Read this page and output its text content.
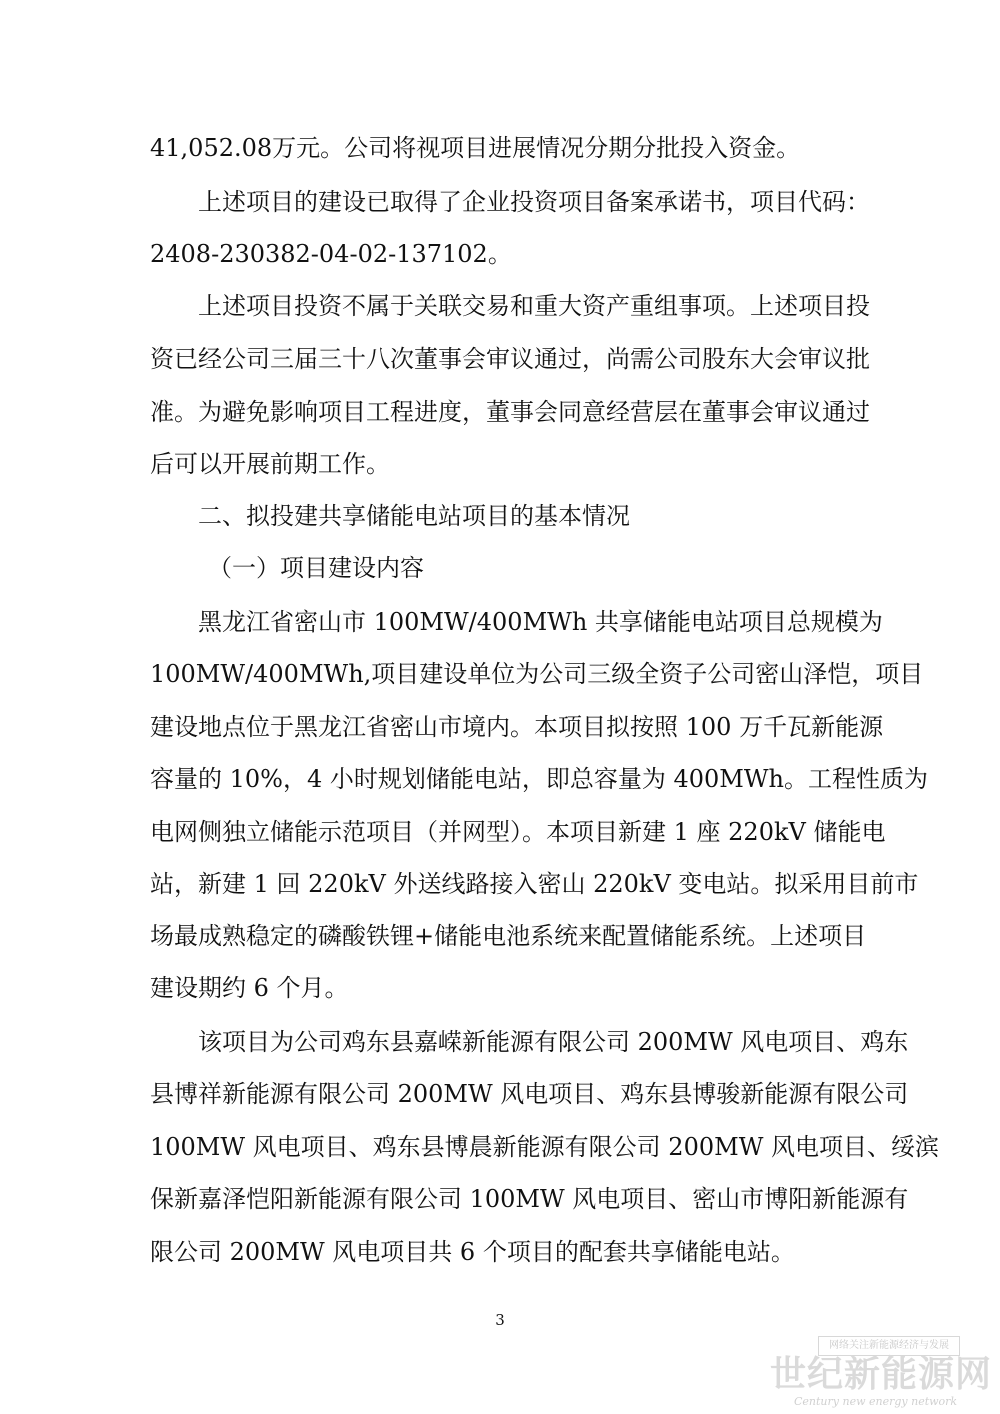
41,052.08万元。公司将视项目进展情况分期分批投入资金。
上述项目的建设已取得了企业投资项目备案承诺书，项目代码：
2408-230382-04-02-137102。
上述项目投资不属于关联交易和重大资产重组事项。上述项目投
资已经公司三届三十八次董事会审议通过，尚需公司股东大会审议批
准。为避免影响项目工程进度，董事会同意经营层在董事会审议通过
后可以开展前期工作。
二、拟投建共享储能电站项目的基本情况
（一）项目建设内容
黑龙江省密山市 100MW/400MWh 共享储能电站项目总规模为
100MW/400MWh,项目建设单位为公司三级全资子公司密山泽恺，项目
建设地点位于黑龙江省密山市境内。本项目拟按照 100 万千瓦新能源
容量的 10%，4 小时规划储能电站，即总容量为 400MWh。工程性质为
电网侧独立储能示范项目（并网型）。本项目新建 1 座 220kV 储能电
站，新建 1 回 220kV 外送线路接入密山 220kV 变电站。拟采用目前市
场最成熟稳定的磷酸铁锂+储能电池系统来配置储能系统。上述项目
建设期约 6 个月。
该项目为公司鸡东县嘉嵘新能源有限公司 200MW 风电项目、鸡东
县博祥新能源有限公司 200MW 风电项目、鸡东县博骏新能源有限公司
100MW 风电项目、鸡东县博晨新能源有限公司 200MW 风电项目、绥滨
保新嘉泽恺阳新能源有限公司 100MW 风电项目、密山市博阳新能源有
限公司 200MW 风电项目共 6 个项目的配套共享储能电站。
3
网络关注新能源经济与发展
世纪新能源网
Century new energy network
